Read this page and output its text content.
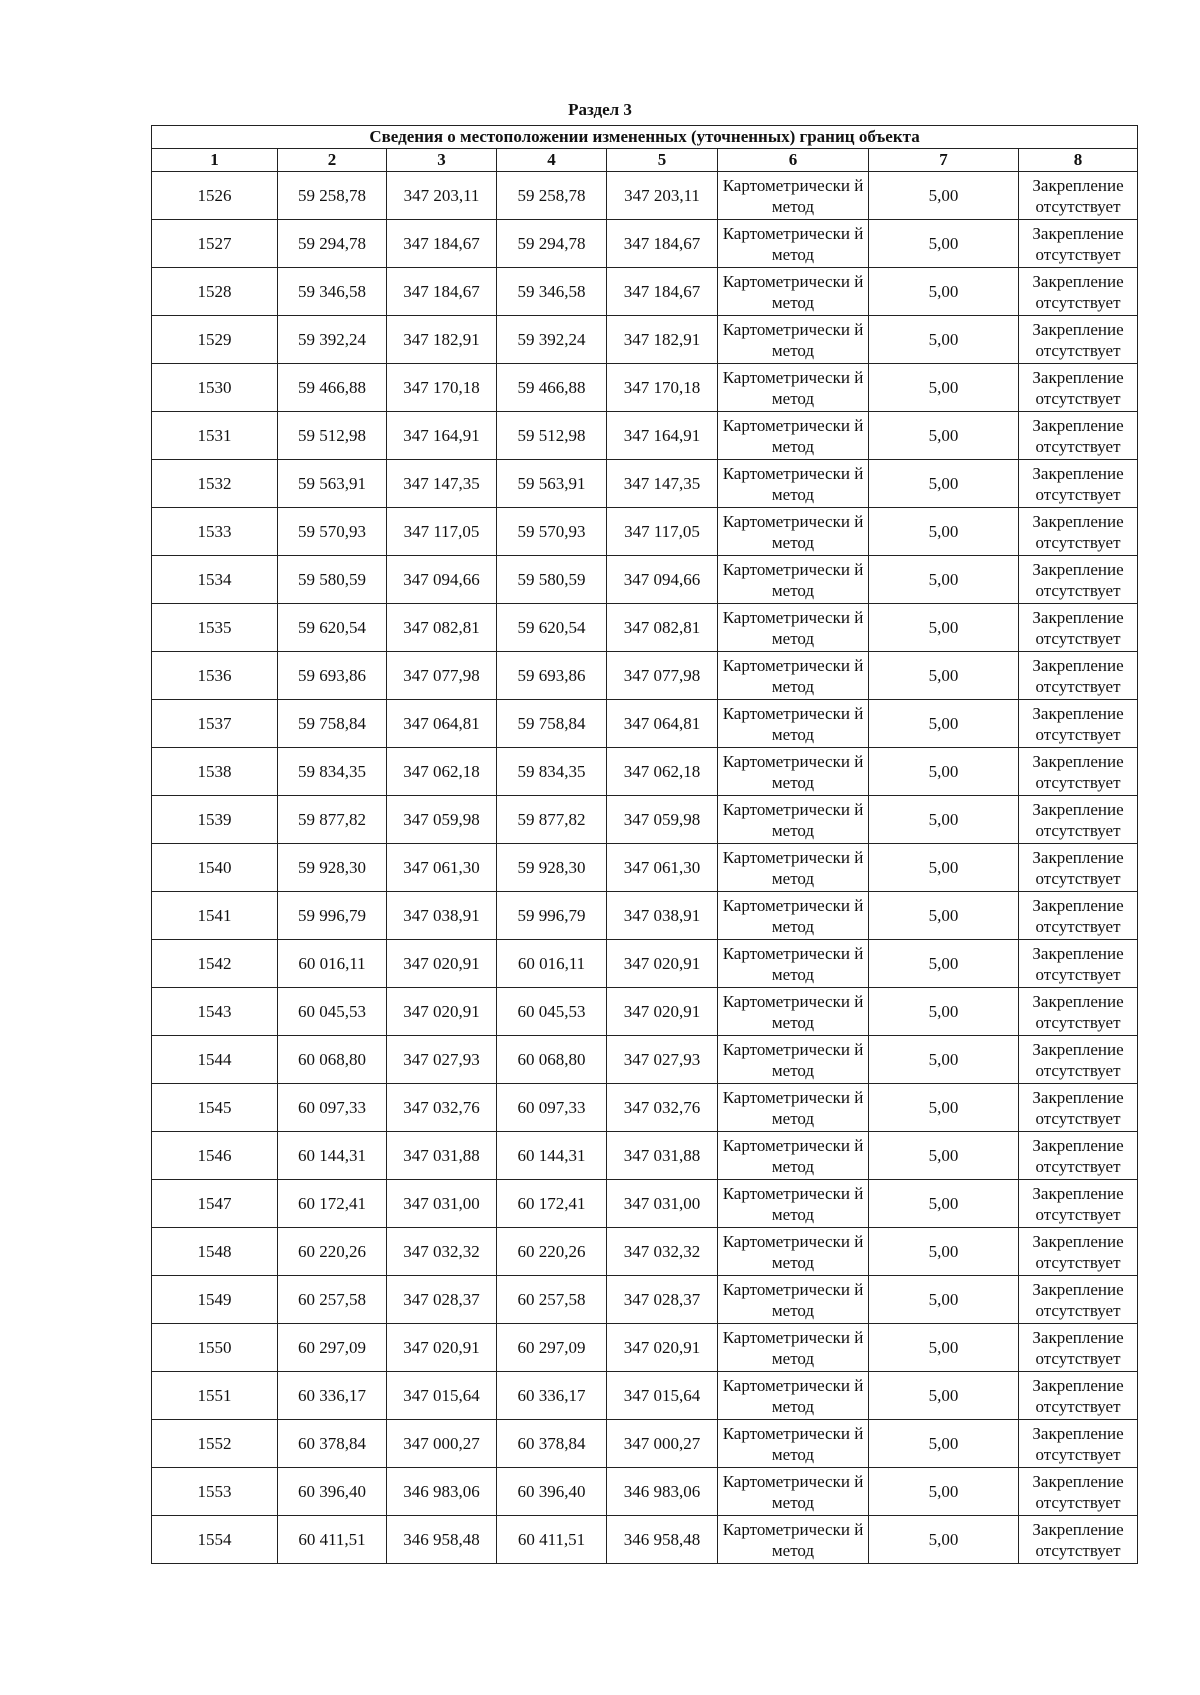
Раздел 3
Сведения о местоположении измененных (уточненных) границ объекта							
1	2	3	4	5	6	7	8
1526	59 258,78	347 203,11	59 258,78	347 203,11	Картометрически й метод	5,00	Закрепление отсутствует
1527	59 294,78	347 184,67	59 294,78	347 184,67	Картометрически й метод	5,00	Закрепление отсутствует
1528	59 346,58	347 184,67	59 346,58	347 184,67	Картометрически й метод	5,00	Закрепление отсутствует
1529	59 392,24	347 182,91	59 392,24	347 182,91	Картометрически й метод	5,00	Закрепление отсутствует
1530	59 466,88	347 170,18	59 466,88	347 170,18	Картометрически й метод	5,00	Закрепление отсутствует
1531	59 512,98	347 164,91	59 512,98	347 164,91	Картометрически й метод	5,00	Закрепление отсутствует
1532	59 563,91	347 147,35	59 563,91	347 147,35	Картометрически й метод	5,00	Закрепление отсутствует
1533	59 570,93	347 117,05	59 570,93	347 117,05	Картометрически й метод	5,00	Закрепление отсутствует
1534	59 580,59	347 094,66	59 580,59	347 094,66	Картометрически й метод	5,00	Закрепление отсутствует
1535	59 620,54	347 082,81	59 620,54	347 082,81	Картометрически й метод	5,00	Закрепление отсутствует
1536	59 693,86	347 077,98	59 693,86	347 077,98	Картометрически й метод	5,00	Закрепление отсутствует
1537	59 758,84	347 064,81	59 758,84	347 064,81	Картометрически й метод	5,00	Закрепление отсутствует
1538	59 834,35	347 062,18	59 834,35	347 062,18	Картометрически й метод	5,00	Закрепление отсутствует
1539	59 877,82	347 059,98	59 877,82	347 059,98	Картометрически й метод	5,00	Закрепление отсутствует
1540	59 928,30	347 061,30	59 928,30	347 061,30	Картометрически й метод	5,00	Закрепление отсутствует
1541	59 996,79	347 038,91	59 996,79	347 038,91	Картометрически й метод	5,00	Закрепление отсутствует
1542	60 016,11	347 020,91	60 016,11	347 020,91	Картометрически й метод	5,00	Закрепление отсутствует
1543	60 045,53	347 020,91	60 045,53	347 020,91	Картометрически й метод	5,00	Закрепление отсутствует
1544	60 068,80	347 027,93	60 068,80	347 027,93	Картометрически й метод	5,00	Закрепление отсутствует
1545	60 097,33	347 032,76	60 097,33	347 032,76	Картометрически й метод	5,00	Закрепление отсутствует
1546	60 144,31	347 031,88	60 144,31	347 031,88	Картометрически й метод	5,00	Закрепление отсутствует
1547	60 172,41	347 031,00	60 172,41	347 031,00	Картометрически й метод	5,00	Закрепление отсутствует
1548	60 220,26	347 032,32	60 220,26	347 032,32	Картометрически й метод	5,00	Закрепление отсутствует
1549	60 257,58	347 028,37	60 257,58	347 028,37	Картометрически й метод	5,00	Закрепление отсутствует
1550	60 297,09	347 020,91	60 297,09	347 020,91	Картометрически й метод	5,00	Закрепление отсутствует
1551	60 336,17	347 015,64	60 336,17	347 015,64	Картометрически й метод	5,00	Закрепление отсутствует
1552	60 378,84	347 000,27	60 378,84	347 000,27	Картометрически й метод	5,00	Закрепление отсутствует
1553	60 396,40	346 983,06	60 396,40	346 983,06	Картометрически й метод	5,00	Закрепление отсутствует
1554	60 411,51	346 958,48	60 411,51	346 958,48	Картометрически й метод	5,00	Закрепление отсутствует
